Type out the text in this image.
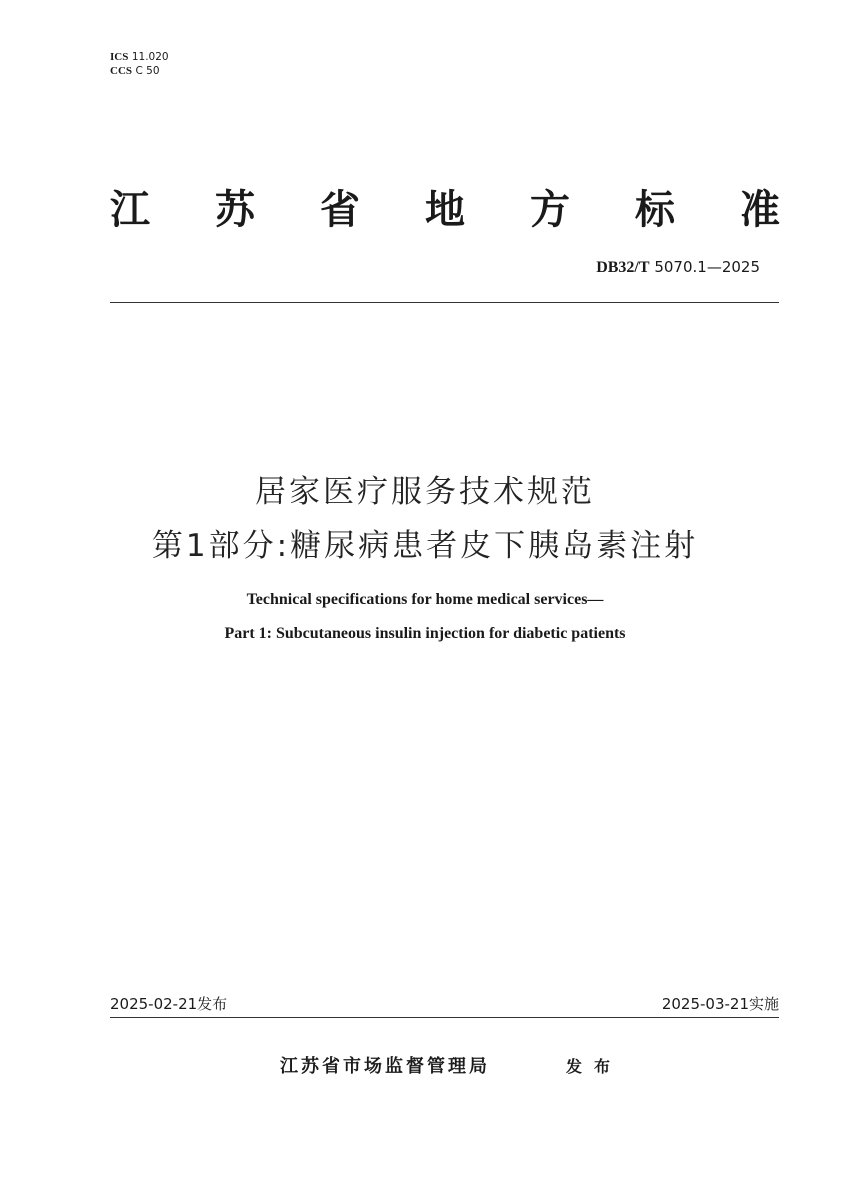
ICS 11.020
CCS C 50
江 苏 省 地 方 标 准
DB32/T 5070.1—2025
居家医疗服务技术规范
第1部分:糖尿病患者皮下胰岛素注射
Technical specifications for home medical services—
Part 1: Subcutaneous insulin injection for diabetic patients
2025-02-21发布	2025-03-21实施
江苏省市场监督管理局	发布
